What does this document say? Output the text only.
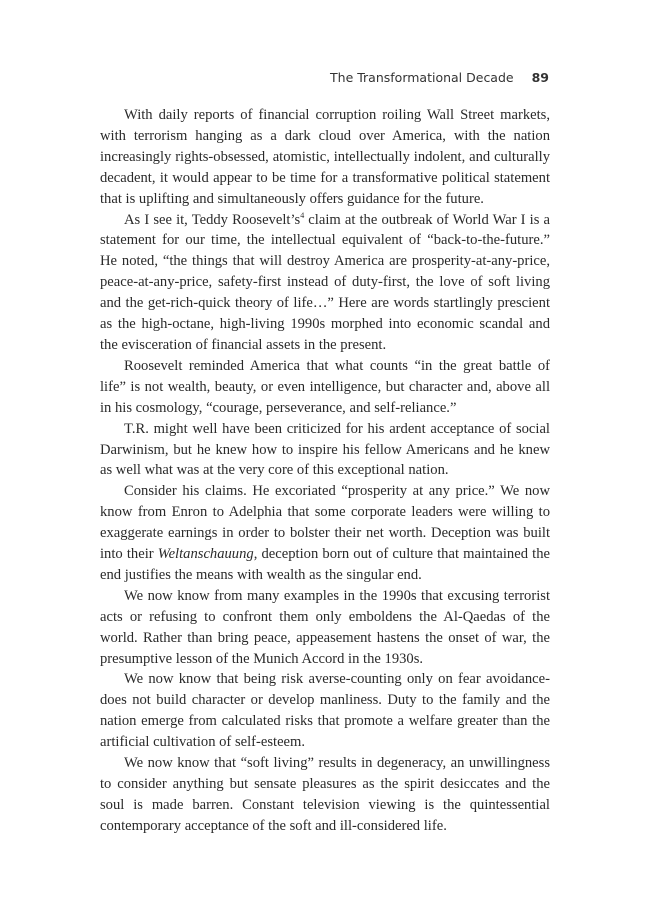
The Transformational Decade 89

With daily reports of financial corruption roiling Wall Street markets, with terrorism hanging as a dark cloud over America, with the nation increasingly rights-obsessed, atomistic, intellectually indolent, and culturally decadent, it would appear to be time for a transformative political statement that is uplifting and simultaneously offers guidance for the future.

As I see it, Teddy $Roosevelt’s^4$ claim at the outbreak of World War I is a statement for our time, the intellectual equivalent of “back-to-the-future.” He noted, “the things that will destroy America are prosperity-at-any-price, peace-at-any-price, safety-first instead of duty-first, the love of soft living and the get-rich-quick theory of life…” Here are words startlingly prescient as the high-octane, high-living 1990s morphed into economic scandal and the evisceration of financial assets in the present.

Roosevelt reminded America that what counts “in the great battle of life” is not wealth, beauty, or even intelligence, but character and, above all in his cosmology, “courage, perseverance, and self-reliance.”

T.R. might well have been criticized for his ardent acceptance of social Darwinism, but he knew how to inspire his fellow Americans and he knew as well what was at the very core of this exceptional nation.

Consider his claims. He excoriated “prosperity at any price.” We now know from Enron to Adelphia that some corporate leaders were willing to exaggerate earnings in order to bolster their net worth. Deception was built into their Weltanschauung, deception born out of culture that maintained the end justifies the means with wealth as the singular end.

We now know from many examples in the 1990s that excusing terrorist acts or refusing to confront them only emboldens the Al-Qaedas of the world. Rather than bring peace, appeasement hastens the onset of war, the presumptive lesson of the Munich Accord in the 1930s.

We now know that being risk averse-counting only on fear avoidance-does not build character or develop manliness. Duty to the family and the nation emerge from calculated risks that promote a welfare greater than the artificial cultivation of self-esteem.

We now know that “soft living” results in degeneracy, an unwillingness to consider anything but sensate pleasures as the spirit desiccates and the soul is made barren. Constant television viewing is the quintessential contemporary acceptance of the soft and ill-considered life.
